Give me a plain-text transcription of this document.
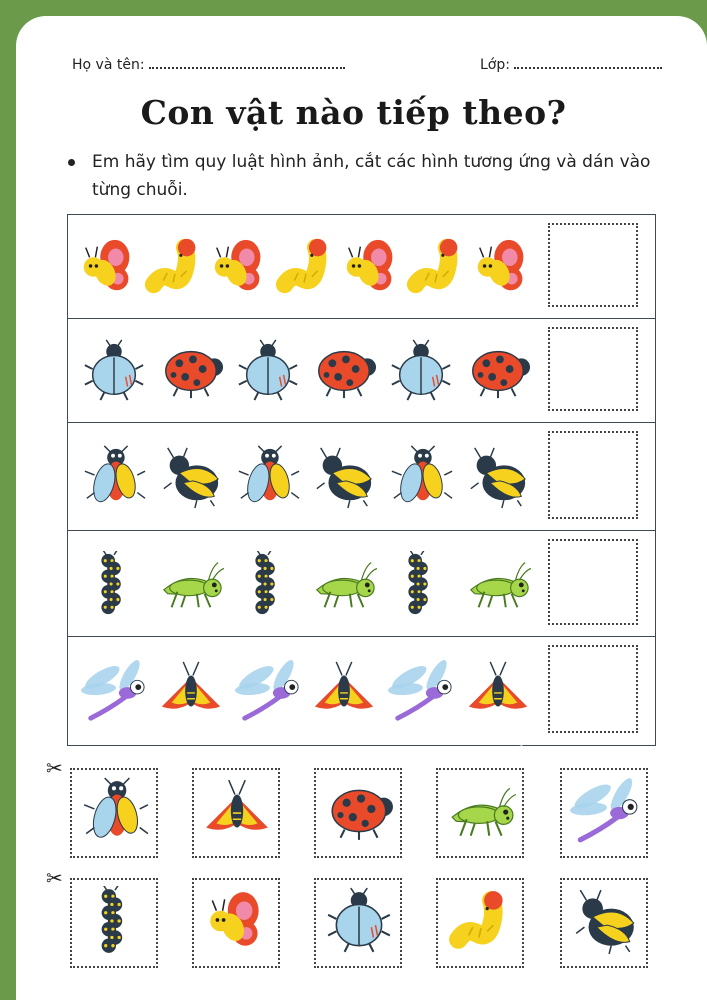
Họ và tên:	Lớp:
Con vật nào tiếp theo?

Em hãy tìm quy luật hình ảnh, cắt các hình tương ứng và dán vào từng chuỗi.

J c m 1992
✂
✂
